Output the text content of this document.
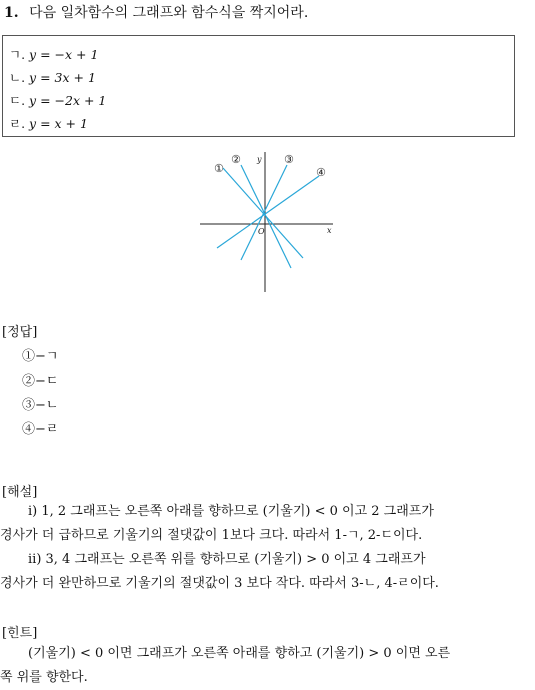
1. 다음 일차함수의 그래프와 함수식을 짝지어라.
ㄱ. y = −x + 1
ㄴ. y = 3x + 1
ㄷ. y = −2x + 1
ㄹ. y = x + 1
①
②	③
④
O	x
y
[정답]
①−ㄱ
②−ㄷ
③−ㄴ
④−ㄹ
[해설]
ⅰ) 1, 2 그래프는 오른쪽 아래를 향하므로 (기울기) < 0 이고 2 그래프가
경사가 더 급하므로 기울기의 절댓값이 1보다 크다. 따라서 1-ㄱ, 2-ㄷ이다.
ⅱ) 3, 4 그래프는 오른쪽 위를 향하므로 (기울기) > 0 이고 4 그래프가
경사가 더 완만하므로 기울기의 절댓값이 3 보다 작다. 따라서 3-ㄴ, 4-ㄹ이다.
[힌트]
(기울기) < 0 이면 그래프가 오른쪽 아래를 향하고 (기울기) > 0 이면 오른
쪽 위를 향한다.
